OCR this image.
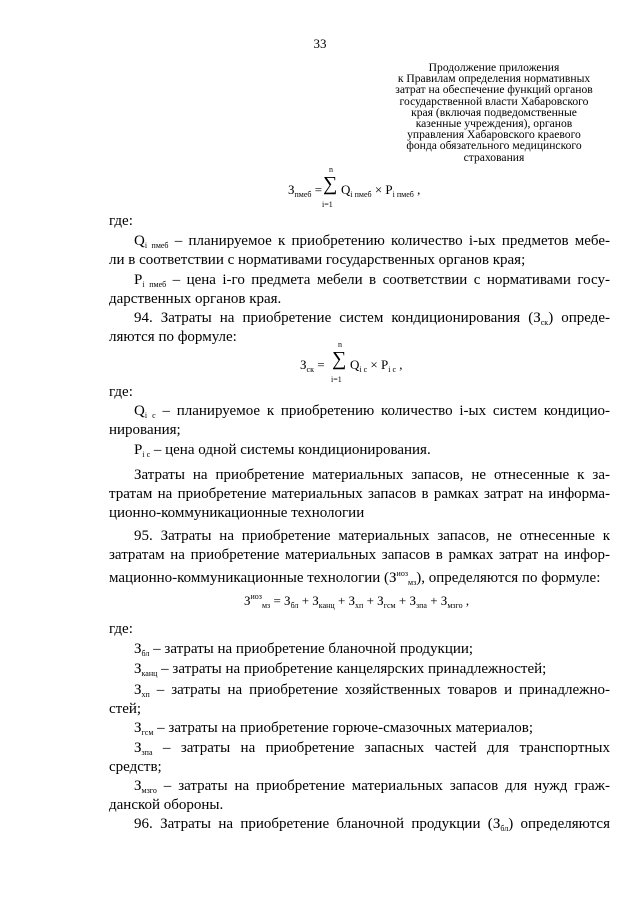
33
Продолжение приложения
к Правилам определения нормативных
затрат на обеспечение функций органов
государственной власти Хабаровского
края (включая подведомственные
казенные учреждения), органов
управления Хабаровского краевого
фонда обязательного медицинского
страхования
$З_{пмеб}$ =
n
∑
i=1
$Q_{i пмеб} \times P_{i пмеб}$ ,
где:
$Q_{i пмеб}$ – планируемое к приобретению количество i-ых предметов мебе-
ли в соответствии с нормативами государственных органов края;
$P_{i пмеб}$ – цена i-го предмета мебели в соответствии с нормативами госу-
дарственных органов края.
94. Затраты на приобретение систем кондиционирования $(З_{ск})$ опреде-
ляются по формуле:
$З_{ск}$ =
n
∑
i=1
$Q_{i c} \times P_{i c}$ ,
где:
$Q_{i c}$ – планируемое к приобретению количество i-ых систем кондицио-
нирования;
$P_{i c}$ – цена одной системы кондиционирования.
Затраты на приобретение материальных запасов, не отнесенные к за-
тратам на приобретение материальных запасов в рамках затрат на информа-
ционно-коммуникационные технологии
95. Затраты на приобретение материальных запасов, не отнесенные к
затратам на приобретение материальных запасов в рамках затрат на инфор-
мационно-коммуникационные технологии $(З^{иоз}_{мз})$, определяются по формуле:
$З^{иоз}_{мз} = З_{бл} + З_{канц} + З_{хп} + З_{гсм} + З_{зпа} + З_{мзго}$ ,
где:
$З_{бл}$ – затраты на приобретение бланочной продукции;
$З_{канц}$ – затраты на приобретение канцелярских принадлежностей;
$З_{хп}$ – затраты на приобретение хозяйственных товаров и принадлежно-
стей;
$З_{гсм}$ – затраты на приобретение горюче-смазочных материалов;
$З_{зпа}$ – затраты на приобретение запасных частей для транспортных
средств;
$З_{мзго}$ – затраты на приобретение материальных запасов для нужд граж-
данской обороны.
96. Затраты на приобретение бланочной продукции $(З_{бл})$ определяются
